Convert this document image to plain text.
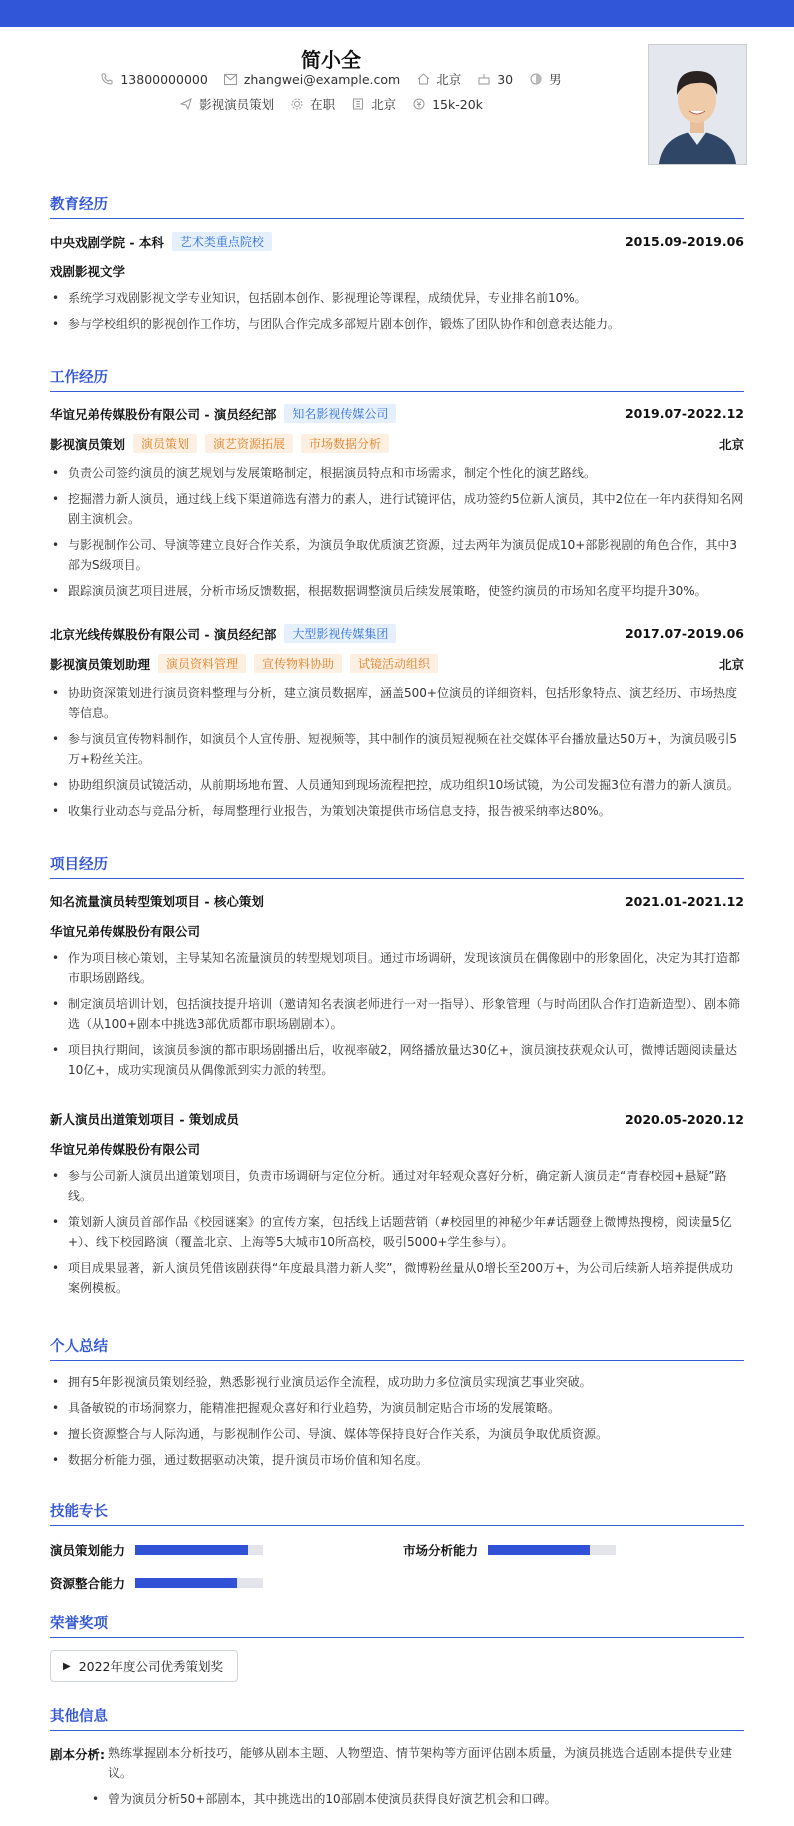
简小全
13800000000	zhangwei@example.com	北京	30	男
影视演员策划	在职	北京	15k-20k
教育经历
中央戏剧学院 - 本科	艺术类重点院校	2015.09-2019.06
戏剧影视文学
• 系统学习戏剧影视文学专业知识，包括剧本创作、影视理论等课程，成绩优异，专业排名前10%。
• 参与学校组织的影视创作工作坊，与团队合作完成多部短片剧本创作，锻炼了团队协作和创意表达能力。
工作经历
华谊兄弟传媒股份有限公司 - 演员经纪部	知名影视传媒公司	2019.07-2022.12
影视演员策划	演员策划	演艺资源拓展	市场数据分析	北京
• 负责公司签约演员的演艺规划与发展策略制定，根据演员特点和市场需求，制定个性化的演艺路线。
• 挖掘潜力新人演员，通过线上线下渠道筛选有潜力的素人，进行试镜评估，成功签约5位新人演员，其中2位在一年内获得知名网剧主演机会。
• 与影视制作公司、导演等建立良好合作关系，为演员争取优质演艺资源，过去两年为演员促成10+部影视剧的角色合作，其中3部为S级项目。
• 跟踪演员演艺项目进展，分析市场反馈数据，根据数据调整演员后续发展策略，使签约演员的市场知名度平均提升30%。
北京光线传媒股份有限公司 - 演员经纪部	大型影视传媒集团	2017.07-2019.06
影视演员策划助理	演员资料管理	宣传物料协助	试镜活动组织	北京
• 协助资深策划进行演员资料整理与分析，建立演员数据库，涵盖500+位演员的详细资料，包括形象特点、演艺经历、市场热度等信息。
• 参与演员宣传物料制作，如演员个人宣传册、短视频等，其中制作的演员短视频在社交媒体平台播放量达50万+，为演员吸引5万+粉丝关注。
• 协助组织演员试镜活动，从前期场地布置、人员通知到现场流程把控，成功组织10场试镜，为公司发掘3位有潜力的新人演员。
• 收集行业动态与竞品分析，每周整理行业报告，为策划决策提供市场信息支持，报告被采纳率达80%。
项目经历
知名流量演员转型策划项目 - 核心策划	2021.01-2021.12
华谊兄弟传媒股份有限公司
• 作为项目核心策划，主导某知名流量演员的转型规划项目。通过市场调研，发现该演员在偶像剧中的形象固化，决定为其打造都市职场剧路线。
• 制定演员培训计划，包括演技提升培训（邀请知名表演老师进行一对一指导）、形象管理（与时尚团队合作打造新造型）、剧本筛选（从100+剧本中挑选3部优质都市职场剧剧本）。
• 项目执行期间，该演员参演的都市职场剧播出后，收视率破2，网络播放量达30亿+，演员演技获观众认可，微博话题阅读量达10亿+，成功实现演员从偶像派到实力派的转型。
新人演员出道策划项目 - 策划成员	2020.05-2020.12
华谊兄弟传媒股份有限公司
• 参与公司新人演员出道策划项目，负责市场调研与定位分析。通过对年轻观众喜好分析，确定新人演员走“青春校园+悬疑”路线。
• 策划新人演员首部作品《校园谜案》的宣传方案，包括线上话题营销（#校园里的神秘少年#话题登上微博热搜榜，阅读量5亿+）、线下校园路演（覆盖北京、上海等5大城市10所高校，吸引5000+学生参与）。
• 项目成果显著，新人演员凭借该剧获得“年度最具潜力新人奖”，微博粉丝量从0增长至200万+，为公司后续新人培养提供成功案例模板。
个人总结
• 拥有5年影视演员策划经验，熟悉影视行业演员运作全流程，成功助力多位演员实现演艺事业突破。
• 具备敏锐的市场洞察力，能精准把握观众喜好和行业趋势，为演员制定贴合市场的发展策略。
• 擅长资源整合与人际沟通，与影视制作公司、导演、媒体等保持良好合作关系，为演员争取优质资源。
• 数据分析能力强，通过数据驱动决策，提升演员市场价值和知名度。
技能专长
演员策划能力	市场分析能力
资源整合能力
荣誉奖项
▶ 2022年度公司优秀策划奖
其他信息
剧本分析:
• 熟练掌握剧本分析技巧，能够从剧本主题、人物塑造、情节架构等方面评估剧本质量，为演员挑选合适剧本提供专业建议。
• 曾为演员分析50+部剧本，其中挑选出的10部剧本使演员获得良好演艺机会和口碑。
